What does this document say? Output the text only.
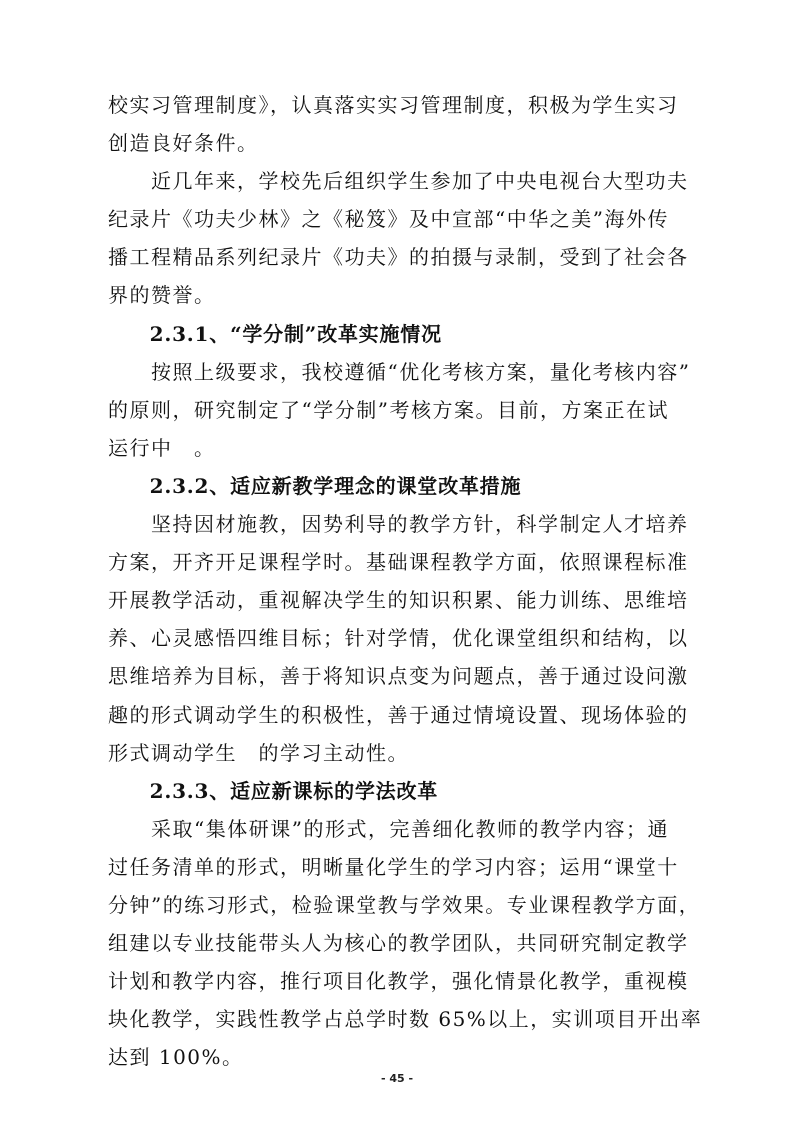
校实习管理制度》，认真落实实习管理制度，积极为学生实习
创造良好条件。
　　近几年来，学校先后组织学生参加了中央电视台大型功夫
纪录片《功夫少林》之《秘笈》及中宣部“中华之美”海外传
播工程精品系列纪录片《功夫》的拍摄与录制，受到了社会各
界的赞誉。
　　2.3.1、“学分制”改革实施情况
　　按照上级要求，我校遵循“优化考核方案，量化考核内容”
的原则，研究制定了“学分制”考核方案。目前，方案正在试
运行中　。
　　2.3.2、适应新教学理念的课堂改革措施
　　坚持因材施教，因势利导的教学方针，科学制定人才培养
方案，开齐开足课程学时。基础课程教学方面，依照课程标准
开展教学活动，重视解决学生的知识积累、能力训练、思维培
养、心灵感悟四维目标；针对学情，优化课堂组织和结构，以
思维培养为目标，善于将知识点变为问题点，善于通过设问激
趣的形式调动学生的积极性，善于通过情境设置、现场体验的
形式调动学生　的学习主动性。
　　2.3.3、适应新课标的学法改革
　　采取“集体研课”的形式，完善细化教师的教学内容；通
过任务清单的形式，明晰量化学生的学习内容；运用“课堂十
分钟”的练习形式，检验课堂教与学效果。专业课程教学方面，
组建以专业技能带头人为核心的教学团队，共同研究制定教学
计划和教学内容，推行项目化教学，强化情景化教学，重视模
块化教学，实践性教学占总学时数 65%以上，实训项目开出率
达到 100%。
- 45 -
